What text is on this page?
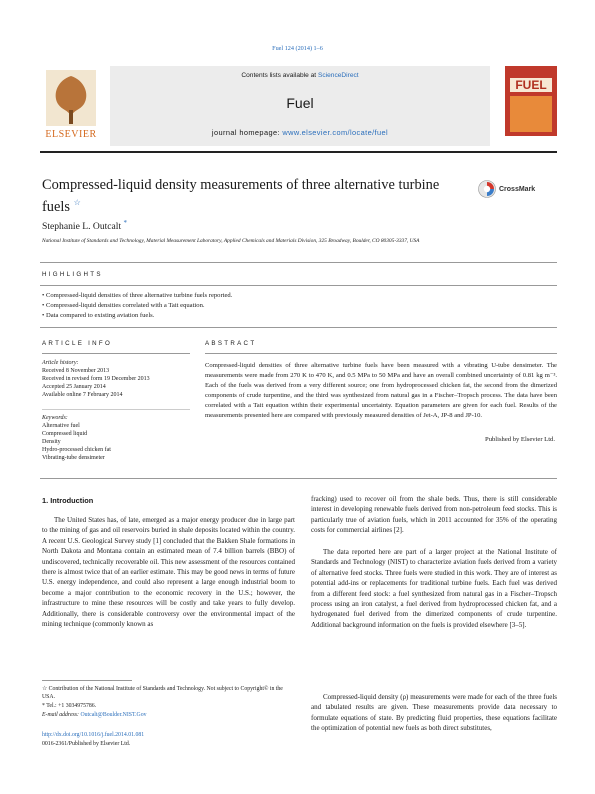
Fuel 124 (2014) 1–6
ELSEVIER
Contents lists available at ScienceDirect
Fuel
journal homepage: www.elsevier.com/locate/fuel
FUEL
Compressed-liquid density measurements of three alternative turbine
fuels ☆
CrossMark
Stephanie L. Outcalt *
National Institute of Standards and Technology, Material Measurement Laboratory, Applied Chemicals and Materials Division, 325 Broadway, Boulder, CO 80305-3337, USA
HIGHLIGHTS
• Compressed-liquid densities of three alternative turbine fuels reported.
• Compressed-liquid densities correlated with a Tait equation.
• Data compared to existing aviation fuels.
ARTICLE INFO
Article history:
Received 8 November 2013
Received in revised form 19 December 2013
Accepted 25 January 2014
Available online 7 February 2014
Keywords:
Alternative fuel
Compressed liquid
Density
Hydro-processed chicken fat
Vibrating-tube densimeter
ABSTRACT
Compressed-liquid densities of three alternative turbine fuels have been measured with a vibrating U-tube densimeter. The measurements were made from 270 K to 470 K, and 0.5 MPa to 50 MPa and have an overall combined uncertainty of 0.81 kg m⁻³. Each of the fuels was derived from a very different source; one from hydroprocessed chicken fat, the second from the dimerized components of crude turpentine, and the third was synthesized from natural gas in a Fischer–Tropsch process. The data have been correlated with a Tait equation within their experimental uncertainty. Equation parameters are given for each fuel. Results of the measurements presented here are compared with previously measured densities of Jet-A, JP-8 and JP-10.
Published by Elsevier Ltd.
1. Introduction
The United States has, of late, emerged as a major energy producer due in large part to the mining of gas and oil reservoirs buried in shale deposits located within the country. A recent U.S. Geological Survey study [1] concluded that the Bakken Shale formations in North Dakota and Montana contain an estimated mean of 7.4 billion barrels (BBO) of undiscovered, technically recoverable oil. This new assessment of the resources contained there is almost twice that of an earlier estimate. This may be good news in terms of future U.S. energy independence, and could also represent a large enough industrial boom to become a major contribution to the economic recovery in the U.S.; however, the infrastructure to mine these resources will be costly and take years to fully develop. Additionally, there is considerable controversy over the environmental impact of the mining technique (commonly known as
fracking) used to recover oil from the shale beds. Thus, there is still considerable interest in developing renewable fuels derived from non-petroleum feed stocks. This is particularly true of aviation fuels, which in 2011 accounted for 35% of the operating costs for commercial airlines [2].
The data reported here are part of a larger project at the National Institute of Standards and Technology (NIST) to characterize aviation fuels derived from a variety of alternative feed stocks. Three fuels were studied in this work. They are of interest as potential add-ins or replacements for traditional turbine fuels. Each fuel was derived from a different feed stock: a fuel synthesized from natural gas in a Fischer–Tropsch process using an iron catalyst, a fuel derived from hydroprocessed chicken fat, and a hydrogenated fuel derived from the dimerized components of crude turpentine. Additional background information on the fuels is provided elsewhere [3–5].
Compressed-liquid density (ρ) measurements were made for each of the three fuels and tabulated results are given. These measurements provide data necessary to formulate equations of state. By predicting fluid properties, these equations facilitate the optimization of potential new fuels as both direct substitutes,
☆ Contribution of the National Institute of Standards and Technology. Not subject to Copyright© in the USA.
* Tel.: +1 3034975786.
E-mail address: Outcalt@Boulder.NIST.Gov
http://dx.doi.org/10.1016/j.fuel.2014.01.081
0016-2361/Published by Elsevier Ltd.
